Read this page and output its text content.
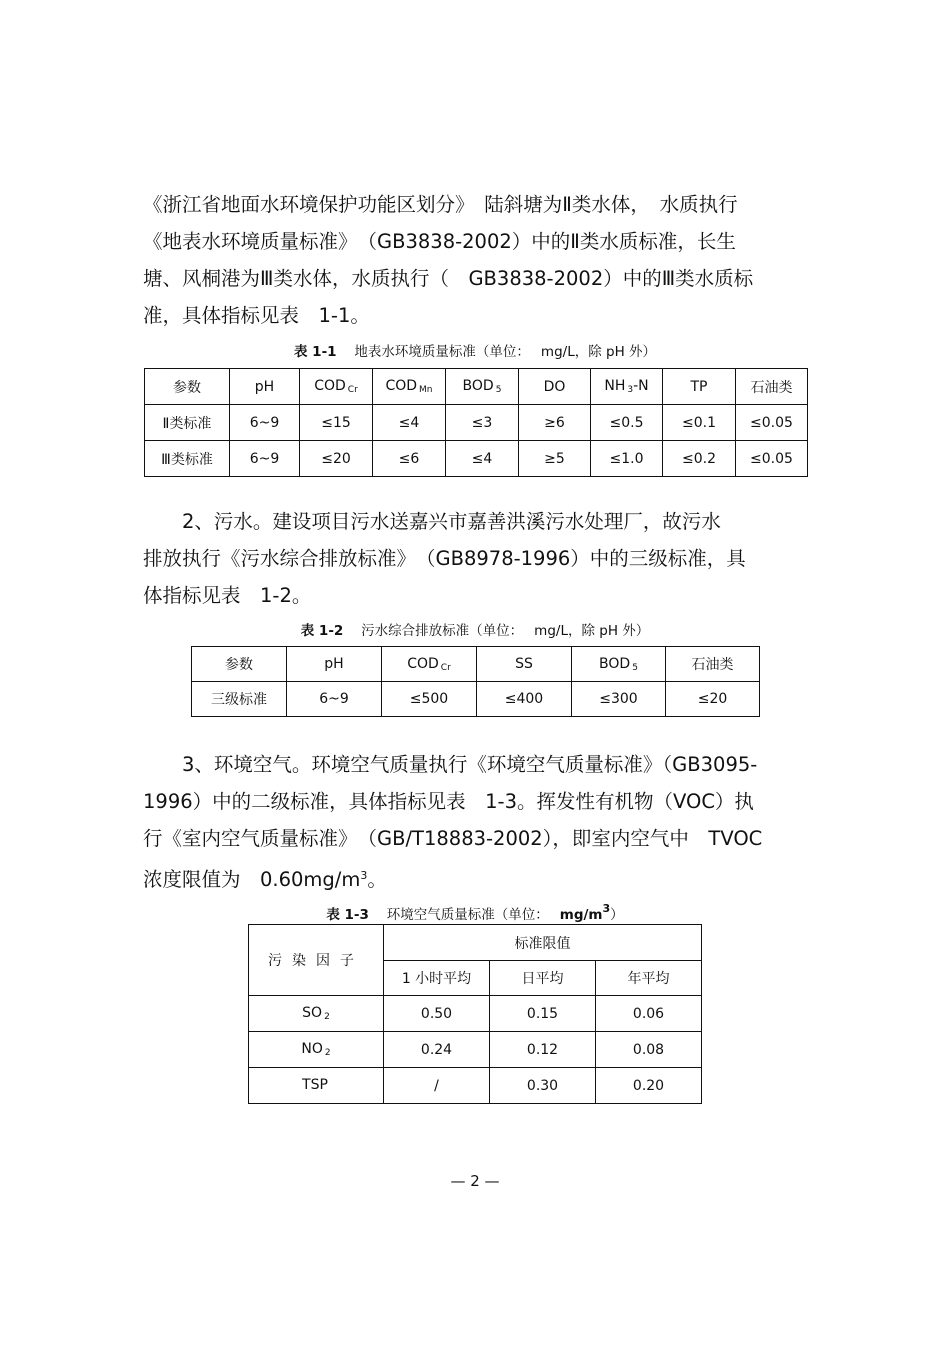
《浙江省地面水环境保护功能区划分》　陆斜塘为Ⅱ类水体，　水质执行
《地表水环境质量标准》　（GB3838-2002）中的Ⅱ类水质标准，长生
塘、风桐港为Ⅲ类水体，水质执行（　GB3838-2002）中的Ⅲ类水质标
准，具体指标见表　1-1。
表 1-1　 地表水环境质量标准（单位：　 mg/L，除 pH 外）
参数	pH	COD $_{Cr}$	COD $_{Mn}$	BOD $_5$	DO	NH $_3$-N	TP	石油类
Ⅱ类标准	6~9	≤15	≤4	≤3	≥6	≤0.5	≤0.1	≤0.05
Ⅲ类标准	6~9	≤20	≤6	≤4	≥5	≤1.0	≤0.2	≤0.05
　　2、污水。建设项目污水送嘉兴市嘉善洪溪污水处理厂，故污水
排放执行《污水综合排放标准》　（GB8978-1996）中的三级标准，具
体指标见表　1-2。
表 1-2　 污水综合排放标准（单位：　 mg/L，除 pH 外）
参数	pH	COD $_{Cr}$	SS	BOD $_5$	石油类
三级标准	6~9	≤500	≤400	≤300	≤20
　　3、环境空气。环境空气质量执行《环境空气质量标准》（GB3095-
1996）中的二级标准，具体指标见表　1-3。挥发性有机物（VOC）执
行《室内空气质量标准》　（GB/T18883-2002），即室内空气中　TVOC
浓度限值为　$0.60mg/m^3$。
表 1-3　 环境空气质量标准（单位：　 $mg/m^3$）
污染因子	标准限值		
	1 小时平均	日平均	年平均
SO $_2$	0.50	0.15	0.06
NO $_2$	0.24	0.12	0.08
TSP	/	0.30	0.20
— 2 —
